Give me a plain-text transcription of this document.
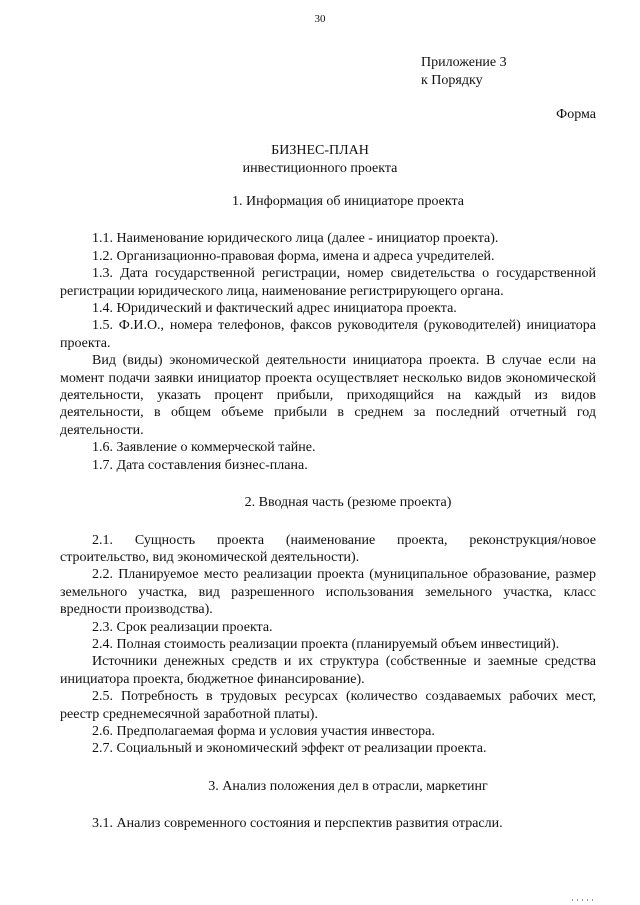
30
Приложение 3
к Порядку
Форма
БИЗНЕС-ПЛАН
инвестиционного проекта

1. Информация об инициаторе проекта

1.1. Наименование юридического лица (далее - инициатор проекта).

1.2. Организационно-правовая форма, имена и адреса учредителей.

1.3. Дата государственной регистрации, номер свидетельства о государственной регистрации юридического лица, наименование регистрирующего органа.

1.4. Юридический и фактический адрес инициатора проекта.

1.5. Ф.И.О., номера телефонов, факсов руководителя (руководителей) инициатора проекта.

Вид (виды) экономической деятельности инициатора проекта. В случае если на момент подачи заявки инициатор проекта осуществляет несколько видов экономической деятельности, указать процент прибыли, приходящийся на каждый из видов деятельности, в общем объеме прибыли в среднем за последний отчетный год деятельности.

1.6. Заявление о коммерческой тайне.

1.7. Дата составления бизнес-плана.

2. Вводная часть (резюме проекта)

2.1. Сущность проекта (наименование проекта, реконструкция/новое строительство, вид экономической деятельности).

2.2. Планируемое место реализации проекта (муниципальное образование, размер земельного участка, вид разрешенного использования земельного участка, класс вредности производства).

2.3. Срок реализации проекта.

2.4. Полная стоимость реализации проекта (планируемый объем инвестиций).

Источники денежных средств и их структура (собственные и заемные средства инициатора проекта, бюджетное финансирование).

2.5. Потребность в трудовых ресурсах (количество создаваемых рабочих мест, реестр среднемесячной заработной платы).

2.6. Предполагаемая форма и условия участия инвестора.

2.7. Социальный и экономический эффект от реализации проекта.

3. Анализ положения дел в отрасли, маркетинг

3.1. Анализ современного состояния и перспектив развития отрасли.
